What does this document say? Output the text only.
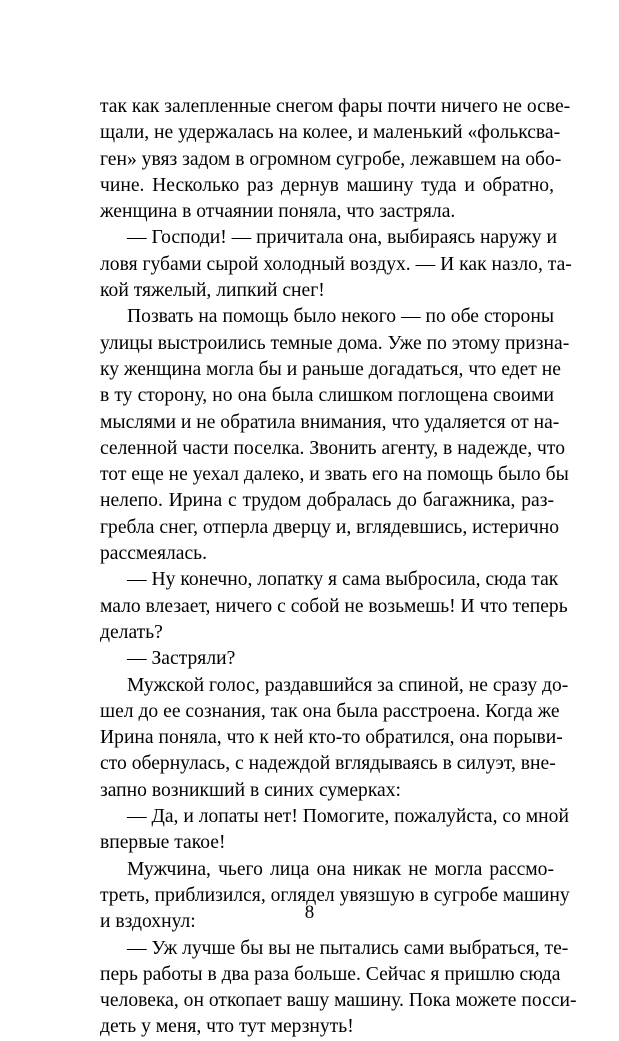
так как залепленные снегом фары почти ничего не осве-
щали, не удержалась на колее, и маленький «фольксва-
ген» увяз задом в огромном сугробе, лежавшем на обо-
чине. Несколько раз дернув машину туда и обратно,
женщина в отчаянии поняла, что застряла.
— Господи! — причитала она, выбираясь наружу и
ловя губами сырой холодный воздух. — И как назло, та-
кой тяжелый, липкий снег!
Позвать на помощь было некого — по обе стороны
улицы выстроились темные дома. Уже по этому призна-
ку женщина могла бы и раньше догадаться, что едет не
в ту сторону, но она была слишком поглощена своими
мыслями и не обратила внимания, что удаляется от на-
селенной части поселка. Звонить агенту, в надежде, что
тот еще не уехал далеко, и звать его на помощь было бы
нелепо. Ирина с трудом добралась до багажника, раз-
гребла снег, отперла дверцу и, вглядевшись, истерично
рассмеялась.
— Ну конечно, лопатку я сама выбросила, сюда так
мало влезает, ничего с собой не возьмешь! И что теперь
делать?
— Застряли?
Мужской голос, раздавшийся за спиной, не сразу до-
шел до ее сознания, так она была расстроена. Когда же
Ирина поняла, что к ней кто-то обратился, она порыви-
сто обернулась, с надеждой вглядываясь в силуэт, вне-
запно возникший в синих сумерках:
— Да, и лопаты нет! Помогите, пожалуйста, со мной
впервые такое!
Мужчина, чьего лица она никак не могла рассмо-
треть, приблизился, оглядел увязшую в сугробе машину
и вздохнул:
— Уж лучше бы вы не пытались сами выбраться, те-
перь работы в два раза больше. Сейчас я пришлю сюда
человека, он откопает вашу машину. Пока можете посси-
деть у меня, что тут мерзнуть!
8
